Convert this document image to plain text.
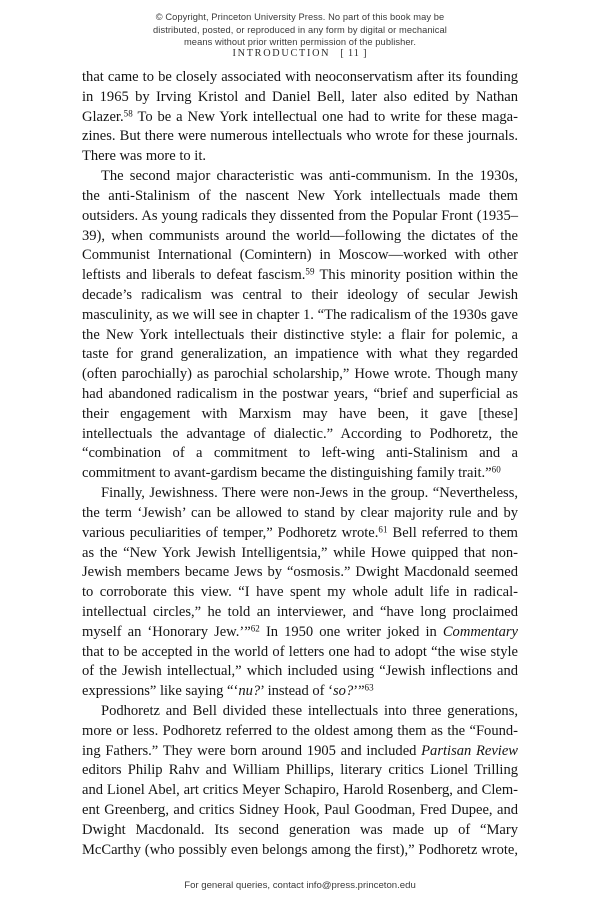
© Copyright, Princeton University Press. No part of this book may be
distributed, posted, or reproduced in any form by digital or mechanical
means without prior written permission of the publisher.
INTRODUCTION [ 11 ]

that came to be closely associated with neoconservatism after its founding in 1965 by Irving Kristol and Daniel Bell, later also edited by Nathan Glazer.$^{58}$ To be a New York intellectual one had to write for these magazines. But there were numerous intellectuals who wrote for these journals. There was more to it.

The second major characteristic was anti-communism. In the 1930s, the anti-Stalinism of the nascent New York intellectuals made them outsiders. As young radicals they dissented from the Popular Front (1935–39), when communists around the world—following the dictates of the Communist International (Comintern) in Moscow—worked with other leftists and liberals to defeat fascism.$^{59}$ This minority position within the decade’s radicalism was central to their ideology of secular Jewish masculinity, as we will see in chapter 1. “The radicalism of the 1930s gave the New York intellectuals their distinctive style: a flair for polemic, a taste for grand generalization, an impatience with what they regarded (often parochially) as parochial scholarship,” Howe wrote. Though many had abandoned radicalism in the postwar years, “brief and superficial as their engagement with Marxism may have been, it gave [these] intellectuals the advantage of dialectic.” According to Podhoretz, the “combination of a commitment to left-wing anti-Stalinism and a commitment to avant-gardism became the distinguishing family trait.”$^{60}$

Finally, Jewishness. There were non-Jews in the group. “Nevertheless, the term ‘Jewish’ can be allowed to stand by clear majority rule and by various peculiarities of temper,” Podhoretz wrote.$^{61}$ Bell referred to them as the “New York Jewish Intelligentsia,” while Howe quipped that non-Jewish members became Jews by “osmosis.” Dwight Macdonald seemed to corroborate this view. “I have spent my whole adult life in radical-intellectual circles,” he told an interviewer, and “have long proclaimed myself an ‘Honorary Jew.’”$^{62}$ In 1950 one writer joked in Commentary that to be accepted in the world of letters one had to adopt “the wise style of the Jewish intellectual,” which included using “Jewish inflections and expressions” like saying “‘nu?’ instead of ‘so?’”$^{63}$

Podhoretz and Bell divided these intellectuals into three generations, more or less. Podhoretz referred to the oldest among them as the “Founding Fathers.” They were born around 1905 and included Partisan Review editors Philip Rahv and William Phillips, literary critics Lionel Trilling and Lionel Abel, art critics Meyer Schapiro, Harold Rosenberg, and Clement Greenberg, and critics Sidney Hook, Paul Goodman, Fred Dupee, and Dwight Macdonald. Its second generation was made up of “Mary McCarthy (who possibly even belongs among the first),” Podhoretz wrote,

For general queries, contact info@press.princeton.edu
